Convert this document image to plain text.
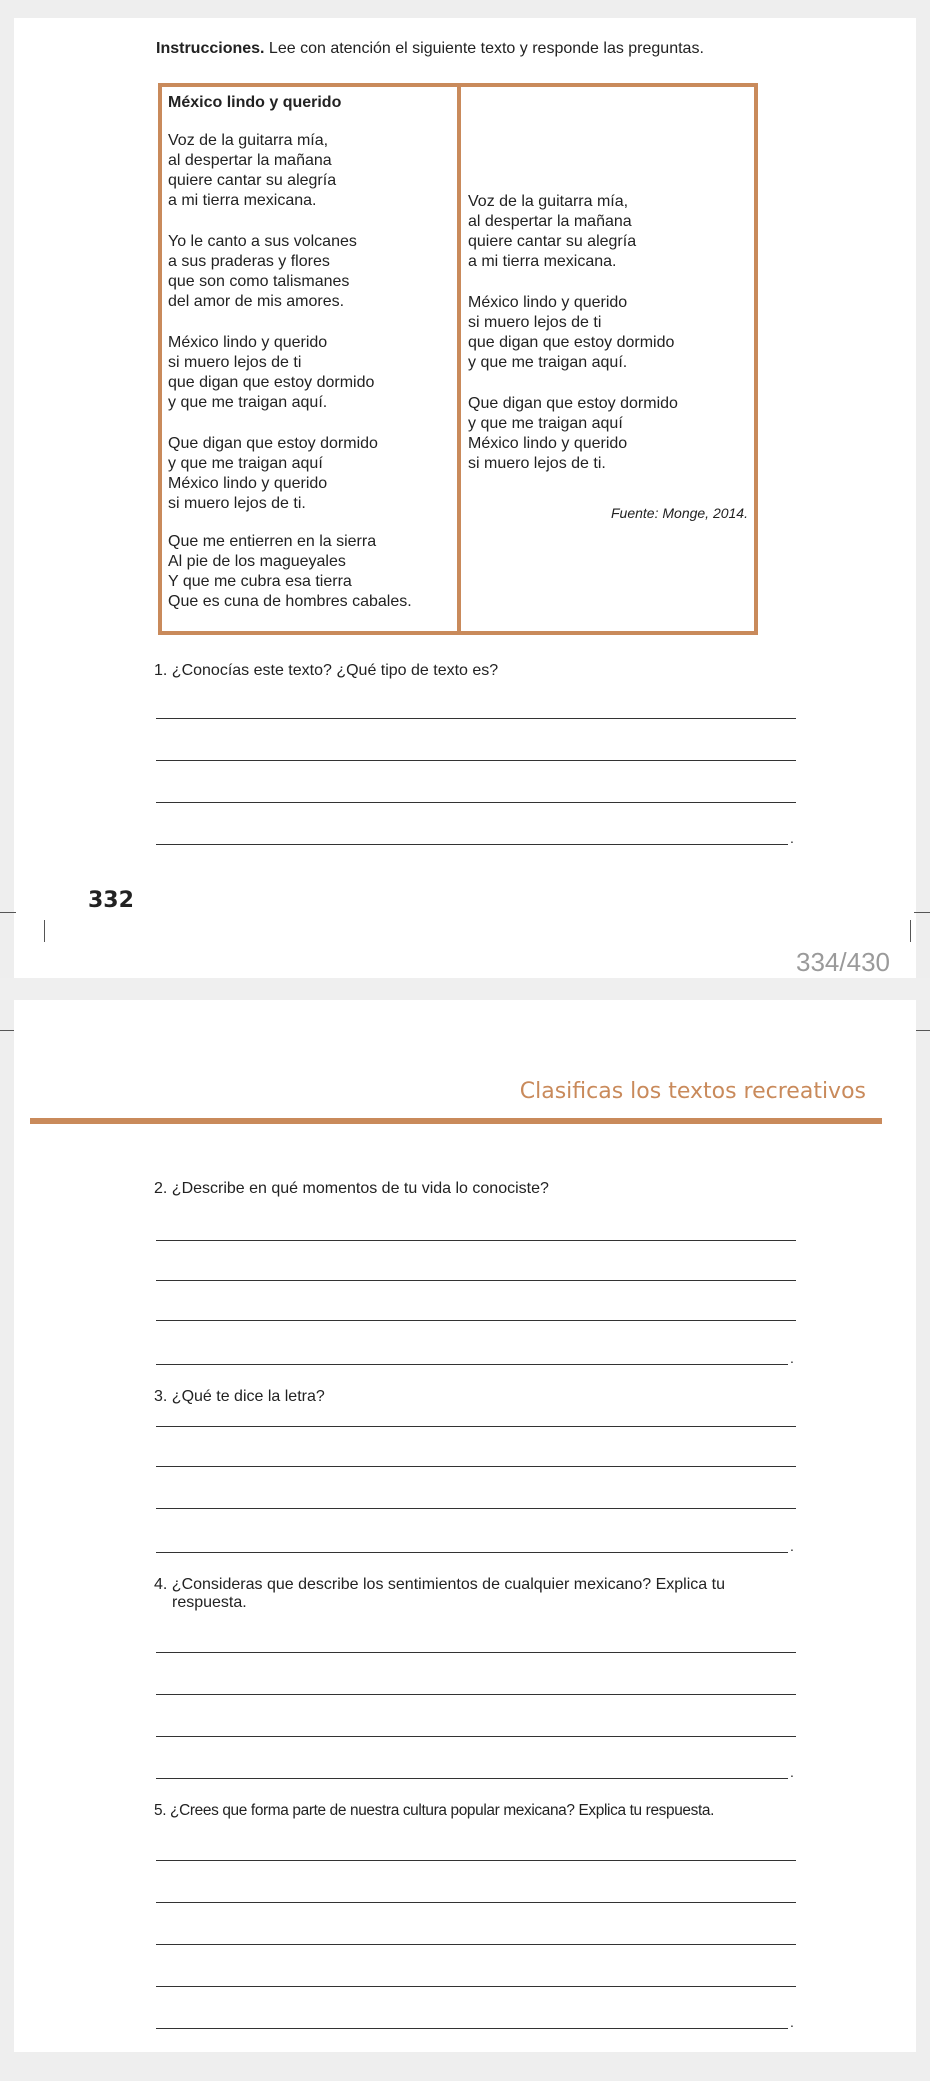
Instrucciones. Lee con atención el siguiente texto y responde las preguntas.
México lindo y querido
Voz de la guitarra mía,
al despertar la mañana
quiere cantar su alegría
a mi tierra mexicana.
Yo le canto a sus volcanes
a sus praderas y flores
que son como talismanes
del amor de mis amores.
México lindo y querido
si muero lejos de ti
que digan que estoy dormido
y que me traigan aquí.
Que digan que estoy dormido
y que me traigan aquí
México lindo y querido
si muero lejos de ti.
Que me entierren en la sierra
Al pie de los magueyales
Y que me cubra esa tierra
Que es cuna de hombres cabales.
Voz de la guitarra mía,
al despertar la mañana
quiere cantar su alegría
a mi tierra mexicana.
México lindo y querido
si muero lejos de ti
que digan que estoy dormido
y que me traigan aquí.
Que digan que estoy dormido
y que me traigan aquí
México lindo y querido
si muero lejos de ti.
Fuente: Monge, 2014.
1. ¿Conocías este texto? ¿Qué tipo de texto es?
.
332
334/430
Clasificas los textos recreativos
2. ¿Describe en qué momentos de tu vida lo conociste?
.
3. ¿Qué te dice la letra?
.
4. ¿Consideras que describe los sentimientos de cualquier mexicano? Explica tu
respuesta.
.
5. ¿Crees que forma parte de nuestra cultura popular mexicana? Explica tu respuesta.
.
